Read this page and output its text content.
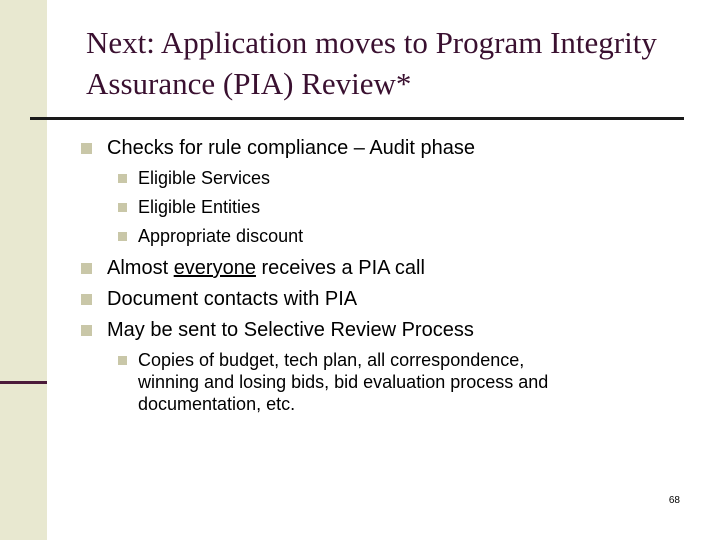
Next: Application moves to Program Integrity
Assurance (PIA) Review*
Checks for rule compliance – Audit phase
Eligible Services
Eligible Entities
Appropriate discount
Almost everyone receives a PIA call
Document contacts with PIA
May be sent to Selective Review Process
Copies of budget, tech plan, all correspondence,
winning and losing bids, bid evaluation process and
documentation, etc.
68
